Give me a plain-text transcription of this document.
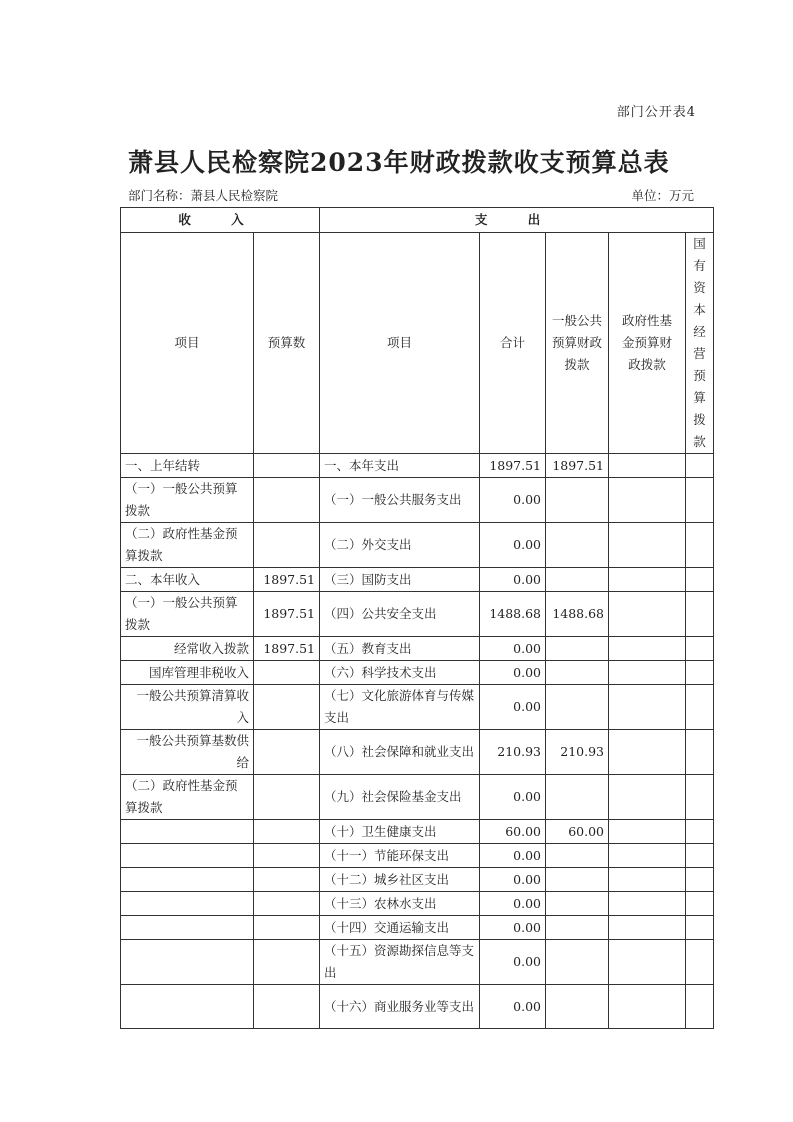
部门公开表4
萧县人民检察院2023年财政拨款收支预算总表
部门名称：萧县人民检察院	单位：万元
收 入		支 出				
项目	预算数	项目	合计	一般公共预算财政拨款	政府性基金预算财政拨款	国有资本经营预算拨款
一、上年结转		一、本年支出	1897.51	1897.51		
（一）一般公共预算拨款		（一）一般公共服务支出	0.00			
（二）政府性基金预算拨款		（二）外交支出	0.00			
二、本年收入	1897.51	（三）国防支出	0.00			
（一）一般公共预算拨款	1897.51	（四）公共安全支出	1488.68	1488.68		
经常收入拨款	1897.51	（五）教育支出	0.00			
国库管理非税收入		（六）科学技术支出	0.00			
一般公共预算清算收入		（七）文化旅游体育与传媒支出	0.00			
一般公共预算基数供给		（八）社会保障和就业支出	210.93	210.93		
（二）政府性基金预算拨款		（九）社会保险基金支出	0.00			
		（十）卫生健康支出	60.00	60.00		
		（十一）节能环保支出	0.00			
		（十二）城乡社区支出	0.00			
		（十三）农林水支出	0.00			
		（十四）交通运输支出	0.00			
		（十五）资源勘探信息等支出	0.00			
		（十六）商业服务业等支出	0.00			
